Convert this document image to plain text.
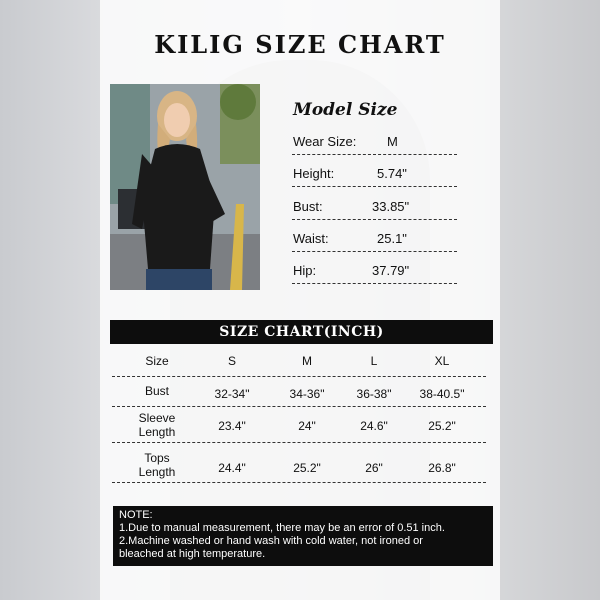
KILIG SIZE CHART
Model Size
Wear Size: M
Height:	5.74"
Bust:	33.85"
Waist:	25.1"
Hip:	37.79"
SIZE CHART(INCH)
Size	S	M	L	XL
Bust	32-34"	34-36"	36-38"	38-40.5"
Sleeve
Length	23.4"	24"	24.6"	25.2"
Tops
Length	24.4"	25.2"	26"	26.8"
NOTE:
1.Due to manual measurement, there may be an error of 0.51 inch.
2.Machine washed or hand wash with cold water, not ironed or
bleached at high temperature.
